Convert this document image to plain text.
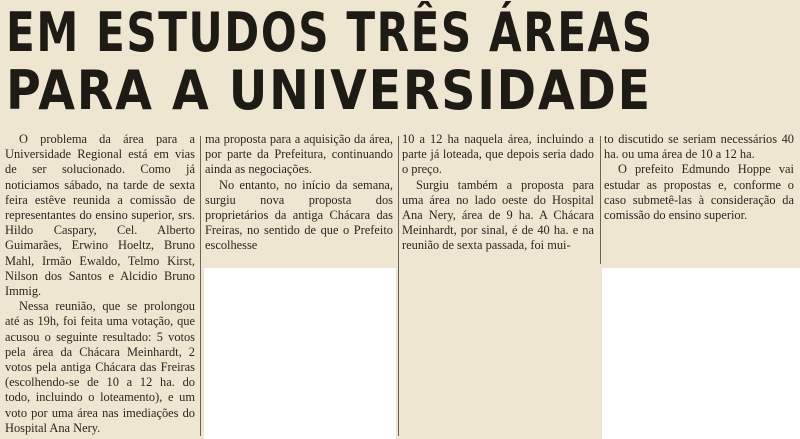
EM ESTUDOS TRÊS ÁREAS
PARA A UNIVERSIDADE

O problema da área para a Universidade Regional está em vias de ser solucionado. Como já noticiamos sábado, na tarde de sexta feira estêve reunida a comissão de representantes do ensino superior, srs. Hildo Caspary, Cel. Alberto Guimarães, Erwino Hoeltz, Bruno Mahl, Irmão Ewaldo, Telmo Kirst, Nilson dos Santos e Alcidio Bruno Immig.

Nessa reunião, que se prolongou até as 19h, foi feita uma votação, que acusou o seguinte resultado: 5 votos pela área da Chácara Meinhardt, 2 votos pela antiga Chácara das Freiras (escolhendo-se de 10 a 12 ha. do todo, incluindo o loteamento), e um voto por uma área nas imediações do Hospital Ana Nery.

ma proposta para a aquisição da área, por parte da Prefeitura, continuando ainda as negociações.

No entanto, no início da semana, surgiu nova proposta dos proprietários da antiga Chácara das Freiras, no sentido de que o Prefeito escolhesse

10 a 12 ha naquela área, incluindo a parte já loteada, que depois seria dado o preço.

Surgiu também a proposta para uma área no lado oeste do Hospital Ana Nery, área de 9 ha. A Chácara Meinhardt, por sinal, é de 40 ha. e na reunião de sexta passada, foi mui-

to discutido se seriam necessários 40 ha. ou uma área de 10 a 12 ha.

O prefeito Edmundo Hoppe vai estudar as propostas e, conforme o caso submetê-las à consideração da comissão do ensino superior.
